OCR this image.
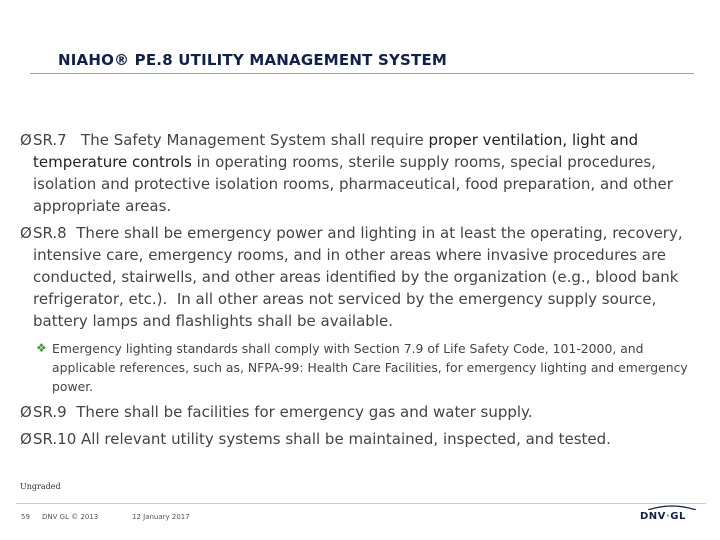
NIAHO® PE.8 UTILITY MANAGEMENT SYSTEM
Ø SR.7   The Safety Management System shall require proper ventilation, light and temperature controls in operating rooms, sterile supply rooms, special procedures, isolation and protective isolation rooms, pharmaceutical, food preparation, and other appropriate areas.
Ø SR.8  There shall be emergency power and lighting in at least the operating, recovery, intensive care, emergency rooms, and in other areas where invasive procedures are conducted, stairwells, and other areas identified by the organization (e.g., blood bank refrigerator, etc.).  In all other areas not serviced by the emergency supply source, battery lamps and flashlights shall be available.
❖ Emergency lighting standards shall comply with Section 7.9 of Life Safety Code, 101-2000, and applicable references, such as, NFPA-99: Health Care Facilities, for emergency lighting and emergency power.
Ø SR.9  There shall be facilities for emergency gas and water supply.
Ø SR.10 All relevant utility systems shall be maintained, inspected, and tested.
Ungraded
59 DNV GL © 2013	12 January 2017	DNV·GL
